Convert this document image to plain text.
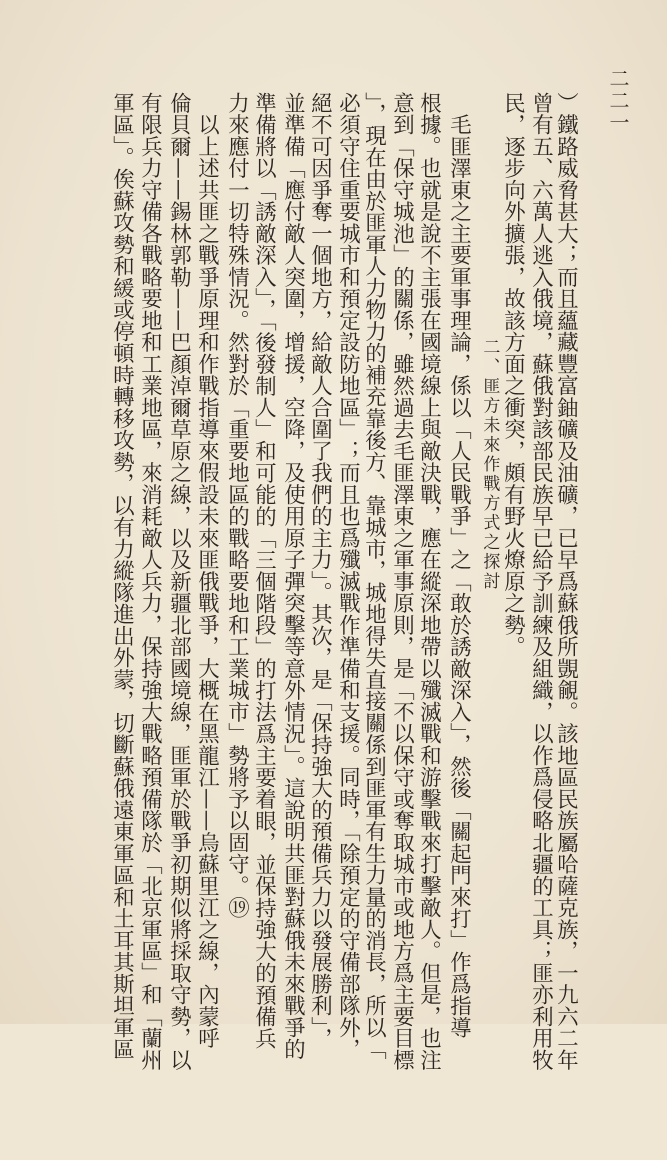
二二一
）鐵路威脅甚大；而且蘊藏豐富鈾礦及油礦，已早爲蘇俄所覬覦。該地區民族屬哈薩克族，一九六二年
曾有五、六萬人逃入俄境，蘇俄對該部民族早已給予訓練及組織，以作爲侵略北疆的工具；匪亦利用牧
民，逐步向外擴張，故該方面之衝突，頗有野火燎原之勢。
　　　　二、匪方未來作戰方式之探討
　毛匪澤東之主要軍事理論，係以「人民戰爭」之「敢於誘敵深入」，然後「關起門來打」作爲指導
根據。也就是說不主張在國境線上與敵決戰，應在縱深地帶以殲滅戰和游擊戰來打擊敵人。但是，也注
意到「保守城池」的關係，雖然過去毛匪澤東之軍事原則，是「不以保守或奪取城市或地方爲主要目標
」，現在由於匪軍人力物力的補充靠後方、靠城市，城地得失直接關係到匪軍有生力量的消長，所以「
必須守住重要城市和預定設防地區」；而且也爲殲滅戰作準備和支援。同時，「除預定的守備部隊外，
絕不可因爭奪一個地方，給敵人合圍了我們的主力」。其次，是「保持強大的預備兵力以發展勝利」，
並準備「應付敵人突圍，增援，空降，及使用原子彈突擊等意外情況」。這說明共匪對蘇俄未來戰爭的
準備將以「誘敵深入」，「後發制人」和可能的「三個階段」的打法爲主要着眼，並保持強大的預備兵
力來應付一切特殊情況。然對於「重要地區的戰略要地和工業城市」勢將予以固守。⑲
　以上述共匪之戰爭原理和作戰指導來假設未來匪俄戰爭，大概在黑龍江——烏蘇里江之線，內蒙呼
倫貝爾——錫林郭勒——巴顏淖爾草原之線，以及新疆北部國境線，匪軍於戰爭初期似將採取守勢，以
有限兵力守備各戰略要地和工業地區，來消耗敵人兵力，保持強大戰略預備隊於「北京軍區」和「蘭州
軍區」。俟蘇攻勢和緩或停頓時轉移攻勢，以有力縱隊進出外蒙，切斷蘇俄遠東軍區和土耳其斯坦軍區
